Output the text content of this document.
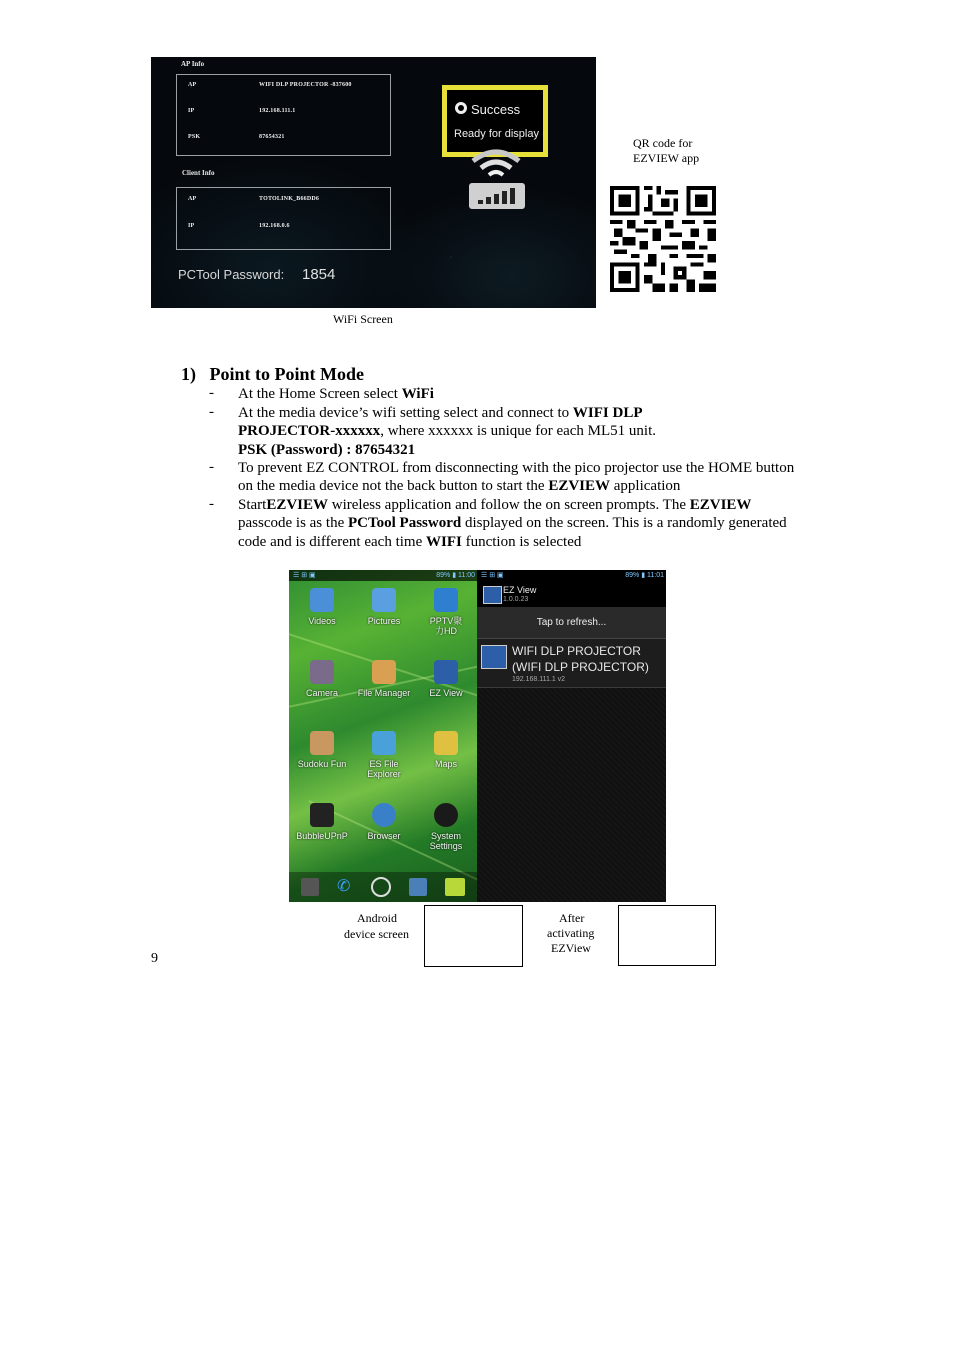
AP Info
AP	WIFI DLP PROJECTOR -837600
IP	192.168.111.1
PSK	87654321
Client Info
AP	TOTOLINK_B66DD6
IP	192.168.0.6
PCTool Password: 1854
Success
Ready for display
WiFi Screen
QR code for
EZVIEW app
1)   Point to Point Mode
- At the Home Screen select WiFi
- At the media device’s wifi setting select and connect to WIFI DLP PROJECTOR-xxxxxx, where xxxxxx is unique for each ML51 unit.
PSK (Password) : 87654321
- To prevent EZ CONTROL from disconnecting with the pico projector use the HOME button on the media device not the back button to start the EZVIEW application
- StartEZVIEW wireless application and follow the on screen prompts. The EZVIEW passcode is as the PCTool Password displayed on the screen. This is a randomly generated code and is different each time WIFI function is selected
☰ ⊞ ▣	89% ▮ 11:00
Videos	Pictures	PPTV聚力HD
Camera	File Manager	EZ View
Sudoku Fun	ES File Explorer
Maps
BubbleUPnP	Browser	System Settings
✆
☰ ⊞ ▣	89% ▮ 11:01
EZ View
1.0.0.23
Tap to refresh...
WIFI DLP PROJECTOR
(WIFI DLP PROJECTOR)
192.168.111.1 v2
Android
device screen
After
activating
EZView
9
